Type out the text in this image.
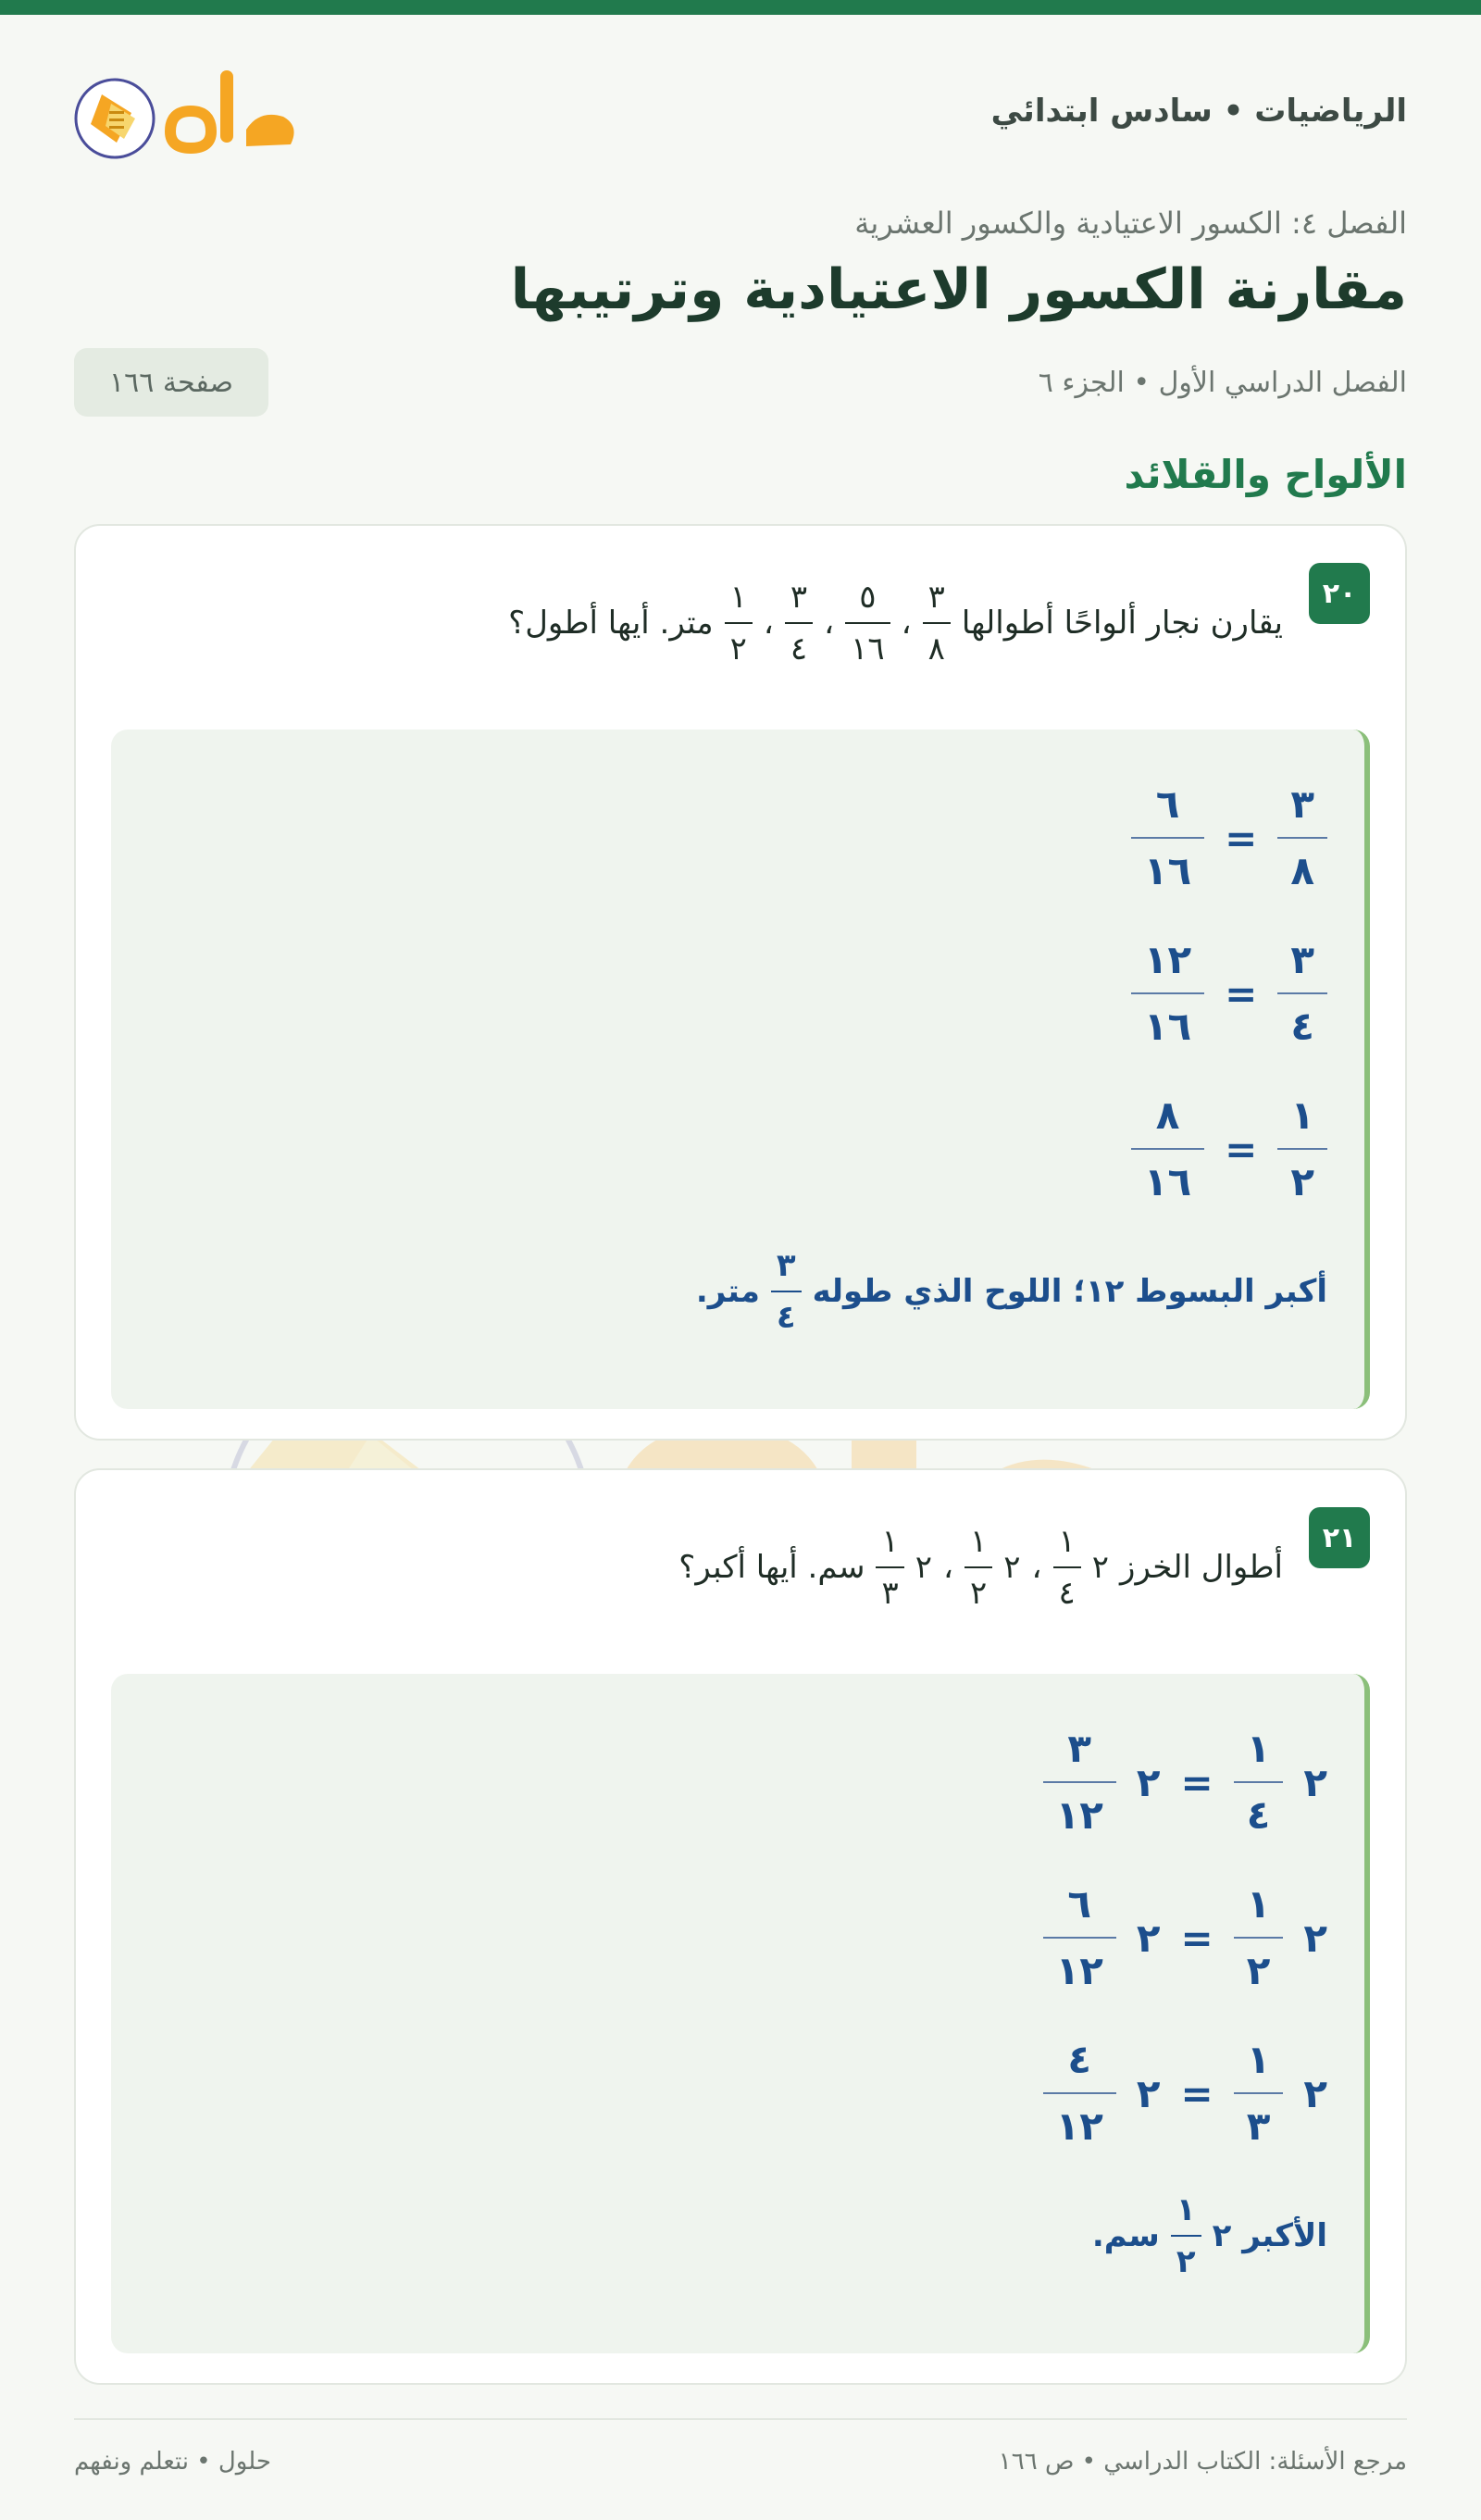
الرياضيات • سادس ابتدائي
حلول
الفصل ٤: الكسور الاعتيادية والكسور العشرية
مقارنة الكسور الاعتيادية وترتيبها
الفصل الدراسي الأول • الجزء ٦
صفحة ١٦٦
الألواح والقلائد
٢٠
يقارن نجار ألواحًا أطوالها
$\frac{٣}{٨}$
،
$\frac{٥}{١٦}$
،
$\frac{٣}{٤}$
،
$\frac{١}{٢}$
متر. أيها أطول؟
$\frac{٣}{٨}$
=
$\frac{٦}{١٦}$
$\frac{٣}{٤}$
=
$\frac{١٢}{١٦}$
$\frac{١}{٢}$
=
$\frac{٨}{١٦}$
أكبر البسوط ١٢؛ اللوح الذي طوله
$\frac{٣}{٤}$
متر.
٢١
أطوال الخرز
٢
$\frac{١}{٤}$
،
٢
$\frac{١}{٢}$
،
٢
$\frac{١}{٣}$
سم. أيها أكبر؟
٢
$\frac{١}{٤}$
=
٢
$\frac{٣}{١٢}$
٢
$\frac{١}{٢}$
=
٢
$\frac{٦}{١٢}$
٢
$\frac{١}{٣}$
=
٢
$\frac{٤}{١٢}$
الأكبر ٢
$\frac{١}{٢}$
سم.
مرجع الأسئلة: الكتاب الدراسي • ص ١٦٦
حلول • نتعلم ونفهم
